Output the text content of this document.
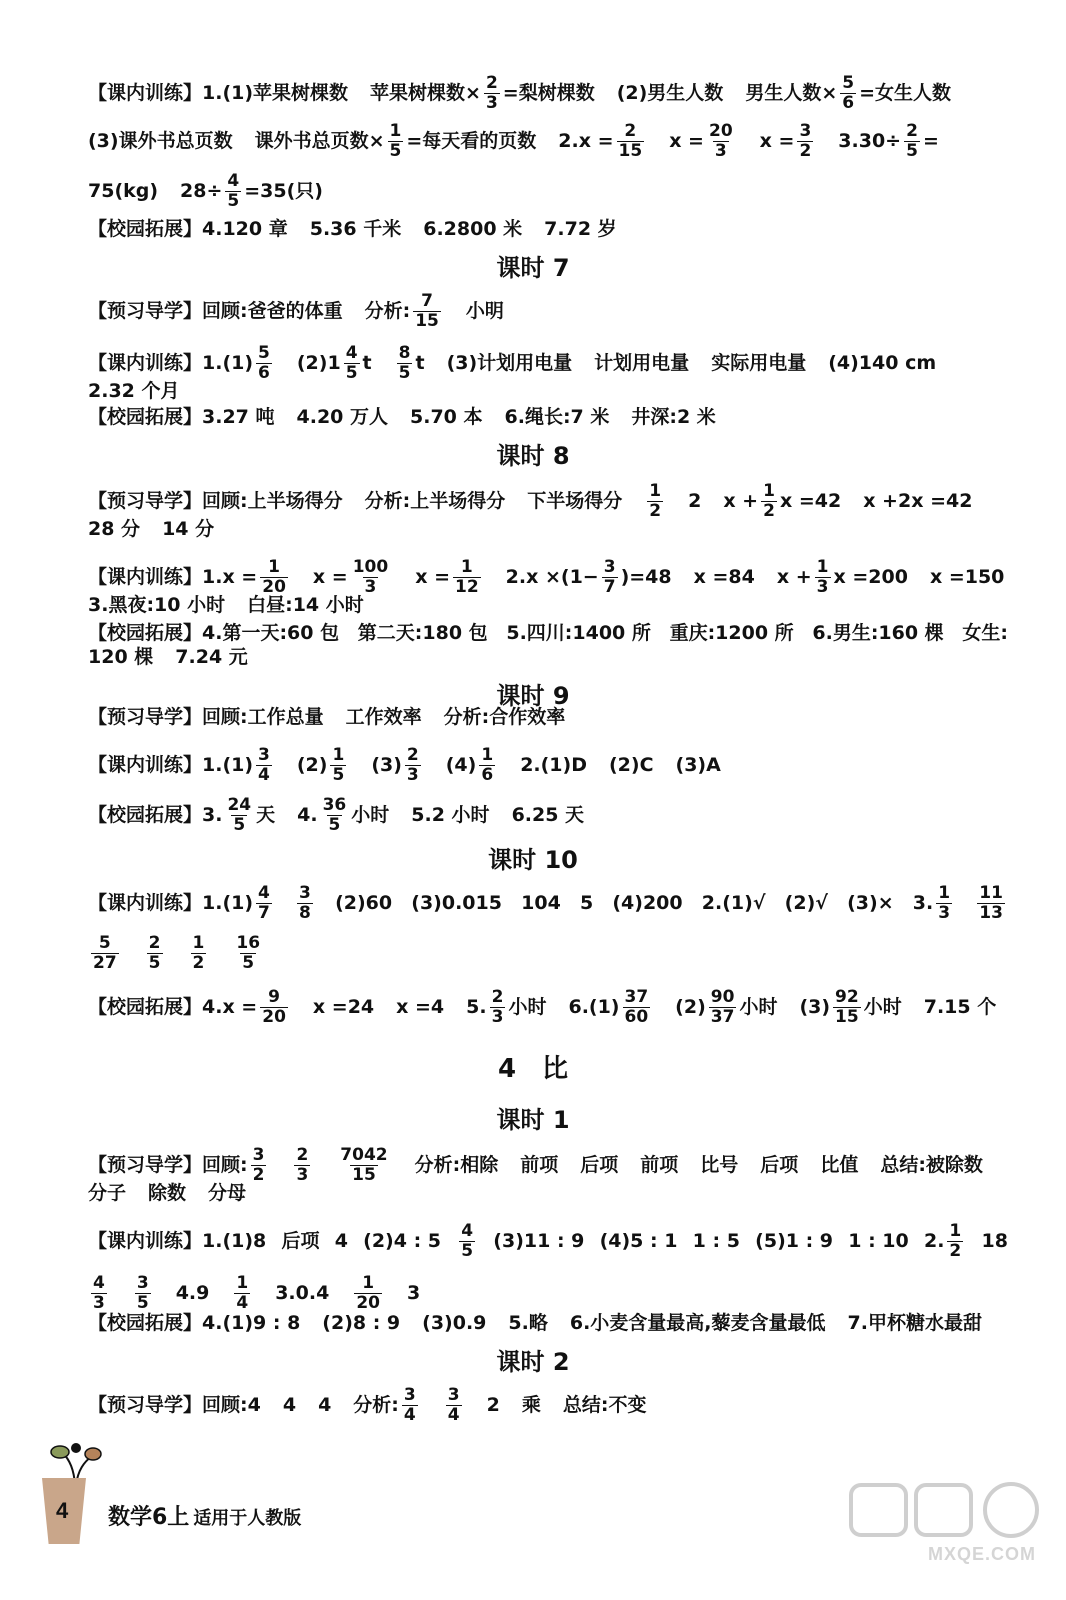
【课内训练】1.(1)苹果树棵数 苹果树棵数× $\frac{2}{3}$ =梨树棵数 (2)男生人数 男生人数× $\frac{5}{6}$ =女生人数
(3)课外书总页数 课外书总页数× $\frac{1}{5}$ =每天看的页数 $2.x = \frac{2}{15}$ $x = \frac{20}{3}$ $x = \frac{3}{2} 3.30\div \frac{2}{5}$ =
75(kg) $28\div \frac{4}{5} =35$(只)
【校园拓展】4.120 章 5.36 千米 6.2800 米 7.72 岁
【预习导学】回顾:爸爸的体重 分析: $\frac{7}{15}$ 小明
【课内训练】$1.(1) \frac{5}{6} (2)$ $1 \frac{4}{5}$ t $\frac{8}{5}$ t (3)计划用电量 计划用电量 实际用电量 (4)140 cm
2.32 个月
【校园拓展】3.27 吨 4.20 万人 5.70 本 6.绳长:7 米 井深:2 米
【预习导学】回顾:上半场得分 分析:上半场得分 下半场得分 $\frac{1}{2} 2$ $x + \frac{1}{2}$ x =42 x +2x =42
28 分 14 分
【课内训练】$1.x = \frac{1}{20}$ $x = \frac{100}{3}$ $x = \frac{1}{12} 2.x \times(1- \frac{3}{7} )=48$ x =84 $x + \frac{1}{3}$ x =200 x =150
3.黑夜:10 小时 白昼:14 小时
【校园拓展】4.第一天:60 包 第二天:180 包 5.四川:1400 所 重庆:1200 所 6.男生:160 棵 女生:
120 棵 7.24 元
【预习导学】回顾:工作总量 工作效率 分析:合作效率
【课内训练】$1.(1) \frac{3}{4} (2) \frac{1}{5} (3) \frac{2}{3} (4) \frac{1}{6} 2.(1)D$ (2)C (3)A
【校园拓展】3. $\frac{24}{5}$ 天 4. $\frac{36}{5}$ 小时 5.2 小时 6.25 天
【课内训练】$1.(1) \frac{4}{7} \frac{3}{8} (2)60$ (3)0.015 104 5 (4)200 2.(1)√ (2)√ (3)× 3. $\frac{1}{3} \frac{11}{13}$
$\frac{5}{27} \frac{2}{5} \frac{1}{2} \frac{16}{5}$
【校园拓展】$4.x = \frac{9}{20}$ x =24 x =4 5. $\frac{2}{3}$ 小时 $6.(1) \frac{37}{60} (2) \frac{90}{37}$ 小时 $(3) \frac{92}{15}$ 小时 7.15 个
【预习导学】回顾: $\frac{3}{2} \frac{2}{3} \frac{7042}{15}$ 分析:相除 前项 后项 前项 比号 后项 比值 总结:被除数
分子 除数 分母
【课内训练】1.(1)8 后项 4 (2)4 : $5 \frac{4}{5} (3)11$ : 9 (4)5 : 1 1 : 5 (5)1 : 9 1 : 10 2. $\frac{1}{2} 18$
$\frac{4}{3} \frac{3}{5} 4.9 \frac{1}{4} 3.0.4 \frac{1}{20} 3$
【校园拓展】4.(1)9 : 8 (2)8 : 9 (3)0.9 5.略 6.小麦含量最高,藜麦含量最低 7.甲杯糖水最甜
【预习导学】回顾:4 4 4 分析: $\frac{3}{4} \frac{3}{4} 2$ 乘 总结:不变
4 数学6上 适用于人教版
MXQE.COM
课时 7
课时 8
课时 9
课时 10
4　比
课时 1
课时 2
